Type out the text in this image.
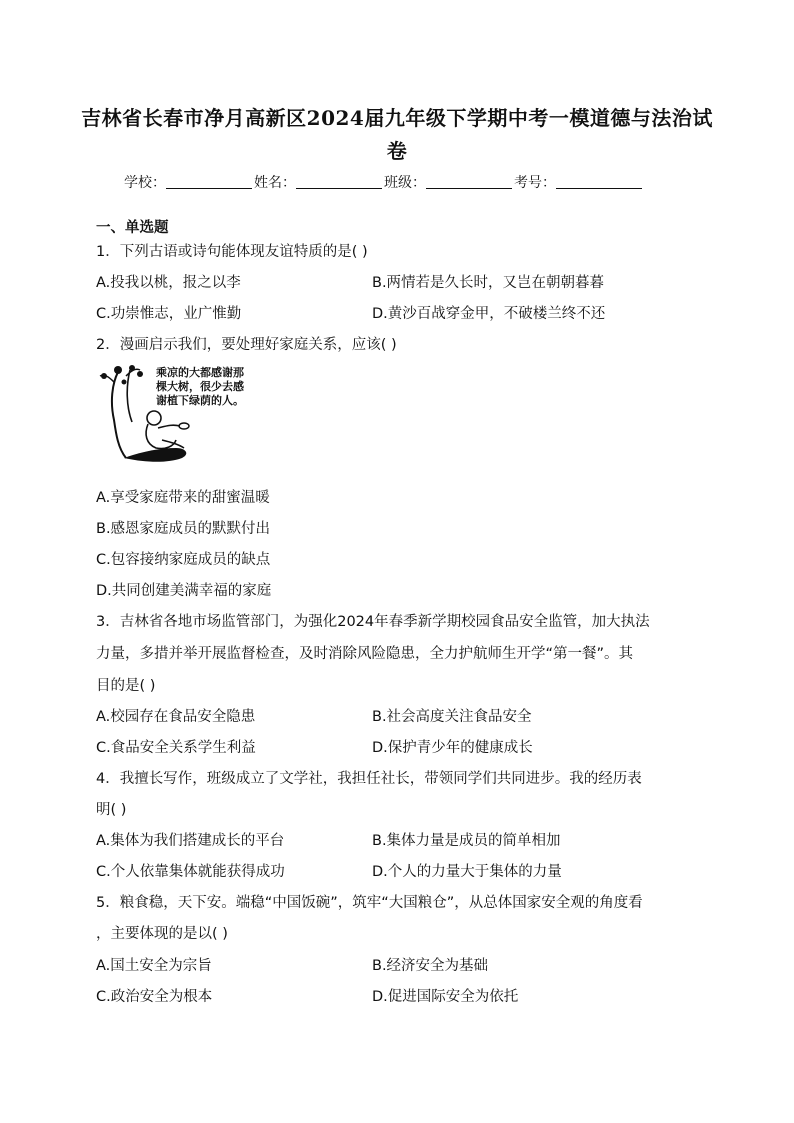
吉林省长春市净月高新区2024届九年级下学期中考一模道德与法治试
卷
学校：	姓名：	班级：	考号：
一、单选题
1．下列古语或诗句能体现友谊特质的是( )
A.投我以桃，报之以李	B.两情若是久长时，又岂在朝朝暮暮
C.功崇惟志，业广惟勤	D.黄沙百战穿金甲，不破楼兰终不还
2．漫画启示我们，要处理好家庭关系，应该( )
乘凉的大都感谢那
棵大树，很少去感
谢植下绿荫的人。
A.享受家庭带来的甜蜜温暖
B.感恩家庭成员的默默付出
C.包容接纳家庭成员的缺点
D.共同创建美满幸福的家庭
3．吉林省各地市场监管部门，为强化2024年春季新学期校园食品安全监管，加大执法
力量，多措并举开展监督检查，及时消除风险隐患，全力护航师生开学“第一餐”。其
目的是( )
A.校园存在食品安全隐患	B.社会高度关注食品安全
C.食品安全关系学生利益	D.保护青少年的健康成长
4．我擅长写作，班级成立了文学社，我担任社长，带领同学们共同进步。我的经历表
明( )
A.集体为我们搭建成长的平台	B.集体力量是成员的简单相加
C.个人依靠集体就能获得成功	D.个人的力量大于集体的力量
5．粮食稳，天下安。端稳“中国饭碗”，筑牢“大国粮仓”，从总体国家安全观的角度看
，主要体现的是以( )
A.国土安全为宗旨	B.经济安全为基础
C.政治安全为根本	D.促进国际安全为依托
